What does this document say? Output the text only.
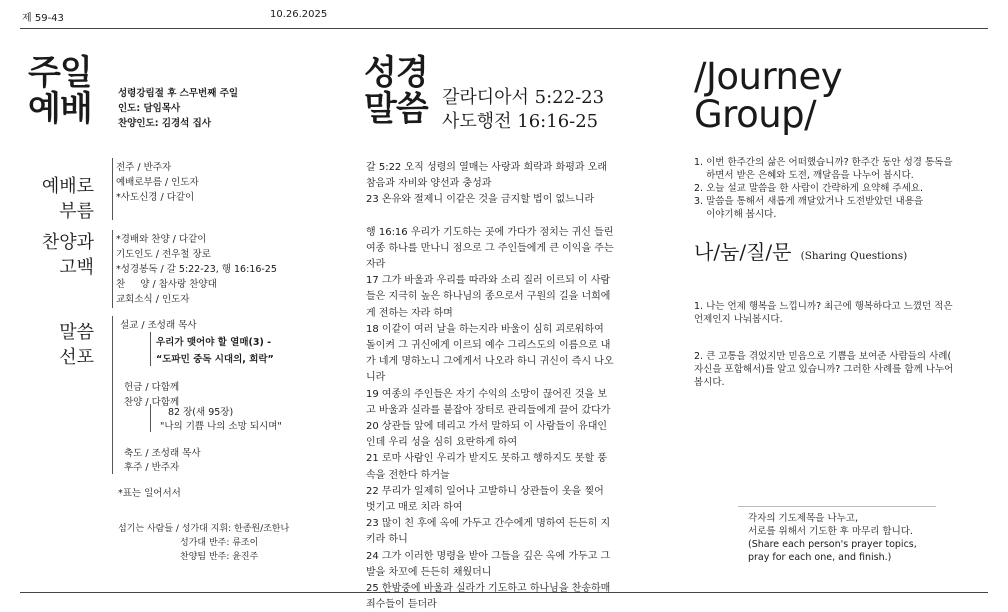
제 59-43	10.26.2025
주일
예배	성령강림절 후 스무번째 주일
인도: 담임목사
찬양인도: 김경석 집사
예배로
부름
찬양과
고백
말씀
선포
전주 / 반주자
예배로부름 / 인도자
*사도신경 / 다같이
*경배와 찬양 / 다같이
기도인도 / 전우철 장로
*성경봉독 / 갈 5:22-23, 행 16:16-25
찬     양 / 참사랑 찬양대
교회소식 / 인도자
설교 / 조성래 목사
우리가 맺어야 할 열매(3) -
“도파민 중독 시대의, 희락”
헌금 / 다함께
찬양 / 다함께
82 장(새 95장)
"나의 기쁨 나의 소망 되시며"
축도 / 조성래 목사
후주 / 반주자
*표는 일어서서
섬기는 사람들 / 성가대 지휘: 한종원/조한나
성가대 반주: 류조이
찬양팀 반주: 윤진주
성경
말씀 갈라디아서 5:22-23
사도행전 16:16-25

갈 5:22 오직 성령의 열매는 사랑과 희락과 화평과 오래

참음과 자비와 양선과 충성과

23 온유와 절제니 이같은 것을 금지할 법이 없느니라

행 16:16 우리가 기도하는 곳에 가다가 점치는 귀신 들린

여종 하나를 만나니 점으로 그 주인들에게 큰 이익을 주는

자라

17 그가 바울과 우리를 따라와 소리 질러 이르되 이 사람

들은 지극히 높은 하나님의 종으로서 구원의 길을 너희에

게 전하는 자라 하며

18 이같이 여러 날을 하는지라 바울이 심히 괴로워하여

돌이켜 그 귀신에게 이르되 예수 그리스도의 이름으로 내

가 네게 명하노니 그에게서 나오라 하니 귀신이 즉시 나오

니라

19 여종의 주인들은 자기 수익의 소망이 끊어진 것을 보

고 바울과 실라를 붙잡아 장터로 관리들에게 끌어 갔다가

20 상관들 앞에 데리고 가서 말하되 이 사람들이 유대인

인데 우리 성을 심히 요란하게 하여

21 로마 사람인 우리가 받지도 못하고 행하지도 못할 풍

속을 전한다 하거늘

22 무리가 일제히 일어나 고발하니 상관들이 옷을 찢어

벗기고 매로 치라 하여

23 많이 친 후에 옥에 가두고 간수에게 명하여 든든히 지

키라 하니

24 그가 이러한 명령을 받아 그들을 깊은 옥에 가두고 그

발을 차꼬에 든든히 채웠더니

25 한밤중에 바울과 실라가 기도하고 하나님을 찬송하매

죄수들이 듣더라

/Journey
Group/

1. 이번 한주간의 삶은 어떠했습니까? 한주간 동안 성경 통독을

하면서 받은 은혜와 도전, 깨달음을 나누어 봅시다.

2. 오늘 설교 말씀을 한 사람이 간략하게 요약해 주세요.

3. 말씀을 통해서 새롭게 깨달았거나 도전받았던 내용을

이야기해 봅시다.

나/눔/질/문 (Sharing Questions)

1. 나는 언제 행복을 느낍니까? 최근에 행복하다고 느꼈던 적은

언제인지 나눠봅시다.

2. 큰 고통을 겪었지만 믿음으로 기쁨을 보여준 사람들의 사례(

자신을 포함해서)를 알고 있습니까? 그러한 사례를 함께 나누어

봅시다.

각자의 기도제목을 나누고,
서로를 위해서 기도한 후 마무리 합니다.
(Share each person's prayer topics,
pray for each one, and finish.)
